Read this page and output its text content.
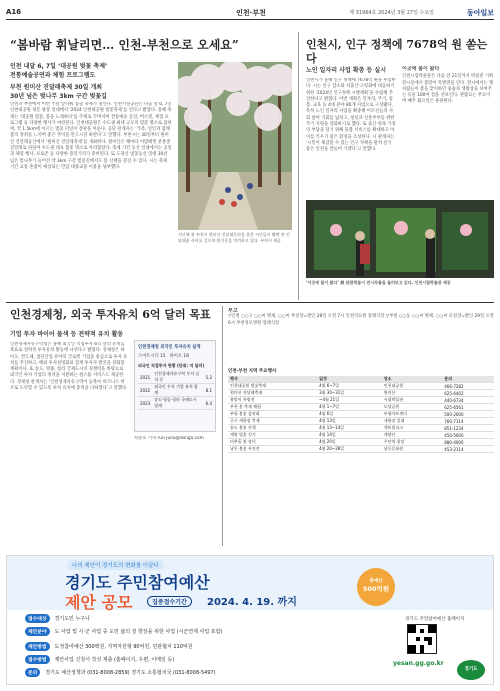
A16	인천·부천	제 31964호 2024년 3월 27일 수요일	동아일보
“봄바람 휘날리면… 인천-부천으로 오세요”
인천 내달 6, 7일 ‘대공원 벚꽃 축제’
전통예술공연과 체험 프로그램도
부천 원미산 진달래축제 30일 개최
30년 넘은 벚나무 3km 구간 벚꽃길
인천과 부천에서 이번 주말 앞다퉈 봄꽃 축제가 열린다. 인천시설공단은 다음 달 6, 7일 인천대공원 정문 광장 일대에서 ‘2024 인천대공원 벚꽃축제’를 연다고 밝혔다. 올해 축제는 ‘대공원 벚꽃, 봄을 노래하다’를 주제로 꾸며지며 전통예술 공연, 버스킹, 체험 프로그램 등 다양한 행사가 마련된다. 인천대공원은 수도권 최대 규모의 벚꽃 명소로 꼽히며, 약 1.5km에 이르는 벚꽃 터널이 장관을 이룬다. 공단 관계자는 ‘가족, 연인과 함께 봄의 정취를 느끼며 좋은 추억을 만드시길 바란다’고 말했다. 부천시는 30일부터 원미산 진달래동산에서 ‘원미산 진달래축제’를 개최한다. 원미산은 해마다 이맘때면 분홍빛 진달래로 뒤덮여 수도권 대표 봄꽃 명소로 자리잡았다. 축제 기간 동산 일대에서는 공연과 체험 행사, 포토존 등 다양한 즐길거리가 준비된다. 또 도당산 벚꽃동산 일대 30년 넘은 벚나무가 늘어선 약 3km 구간 벚꽃길에서도 봄 산책을 즐길 수 있다. 시는 축제 기간 교통 혼잡이 예상되는 만큼 대중교통 이용을 당부했다.
지난해 봄 부천시 원미산 진달래동산을 찾은 시민들이 활짝 핀 진달래꽃 사이를 걸으며 봄기운을 만끽하고 있다. 부천시 제공
인천시, 인구 정책에 7678억 원 쏟는다
노인 일자리 사업 확충 등 실시
인천시가 올해 인구 정책에 7678억 원을 투입한다. 시는 인구 감소와 저출산·고령화에 대응하기 위한 ‘2024년 인구정책 시행계획’을 수립해 추진한다고 밝혔다. 이번 계획은 일자리, 주거, 돌봄, 교육 등 4대 분야 80개 사업으로 구성됐다. 특히 노인 일자리 사업을 확충해 어르신들의 사회 참여 기회를 넓히고, 청년과 신혼부부를 위한 주거 지원을 강화하기로 했다. 또 출산·양육 가정의 부담을 덜기 위해 돌봄 서비스를 확대하고 아이를 키우기 좋은 환경을 조성한다. 시 관계자는 ‘시민이 체감할 수 있는 인구 정책을 펼쳐 살기 좋은 인천을 만들어 가겠다’고 말했다.
이곳에 봄이 왔다
인천시립박물관은 다음 달 21일까지 박물관 기획전시실에서 봄맞이 특별전을 연다. 전시에서는 옛 사람들이 봄을 맞이하던 풍습과 생활상을 보여주는 유물 100여 점을 선보인다. 관람료는 무료이며 매주 월요일은 휴관한다.
‘이곳에 봄이 왔다’ 展 관람객들이 전시작품을 둘러보고 있다. 인천시립박물관 제공
인천경제청, 외국 투자유치 6억 달러 목표
기업 투자 바이어 물색 등 전략적 유치 활동
인천경제자유구역청은 올해 외국인 직접투자 6억 달러 유치를 목표로 전략적 투자유치 활동에 나선다고 밝혔다. 경제청은 바이오, 반도체, 첨단산업 분야의 글로벌 기업을 중심으로 투자 유치를 추진하고, 해외 투자설명회와 잠재 투자자 발굴을 강화할 계획이다. 또 송도, 영종, 청라 국제도시의 경쟁력을 바탕으로 외국인 투자 기업의 정착을 지원하는 원스톱 서비스도 제공한다. 경제청 관계자는 ‘인천경제자유구역이 동북아 비즈니스 허브로 도약할 수 있도록 투자 유치에 총력을 다하겠다’고 말했다.
인천경제청 외국인 투자유치 실적
스마트시티 15 바이오 18
외국인 직접투자 현황 (단위: 억 달러)
2021	인천경제자유구역 투자 실적 등	5.2
2022	외국인 투자 기업 유치 합계	8.1
2023	송도·영종·청라 국제도시 합계	6.4
차준호 기자 run-juno@donga.com
부고
▽인천 ○○구 ○○씨 별세, ○○씨 부친상=발인 28일 오전 7시 인천의료원 장례식장 ▽부천 ○○동 ○○씨 별세, ○○씨 모친상=발인 29일 오전 6시 부천성모병원 장례식장
인천·부천 지역 주요행사
행사	일정	장소	문의
인천대공원 벚꽃축제	4월 6~7일	인천대공원	466-7282
원미산 진달래축제	3월 30~31일	원미산	625-6402
봄맞이 특별전	~4월 21일	시립박물관	440-6734
부천 꽃 축제 체험	4월 1~7일	도당공원	625-6561
부평 봄꽃 음악회	4월 6일	부평아트센터	500-2000
중구 개항장 축제	4월 13일	개항장 일대	760-7114
송도 봄꽃 산책	4월 13~14일	센트럴파크	851-1234
계양 벚꽃 걷기	4월 14일	계양산	450-5000
미추홀 봄 장터	4월 20일	주안역 광장	880-4000
남동 봄꽃 사진전	4월 20~28일	남동문화원	453-2114
나의 제안이 경기도의 변화를 이끌다
경기도 주민참여예산
제안 공모	집중접수기간	2024. 4. 19. 까지
총예산
500억원
접수대상	경기도민 누구나
제안분야	도 사업 및 시·군 사업 중 도민 삶의 질 향상을 위한 사업 (시군연계 사업 포함)
제안방법	도정참여예산 300백원, 지역자원형 90억원, 민관협치 110억원
접수방법	제안사업 신청서 작성 제출 (홈페이지, 우편, 이메일 등)
문의	경기도 예산정책과 (031-8008-2859) 경기도 소통협치국 (031-8008-5497)
경기도 주민참여예산 홈페이지
yesan.gg.go.kr
경기도
